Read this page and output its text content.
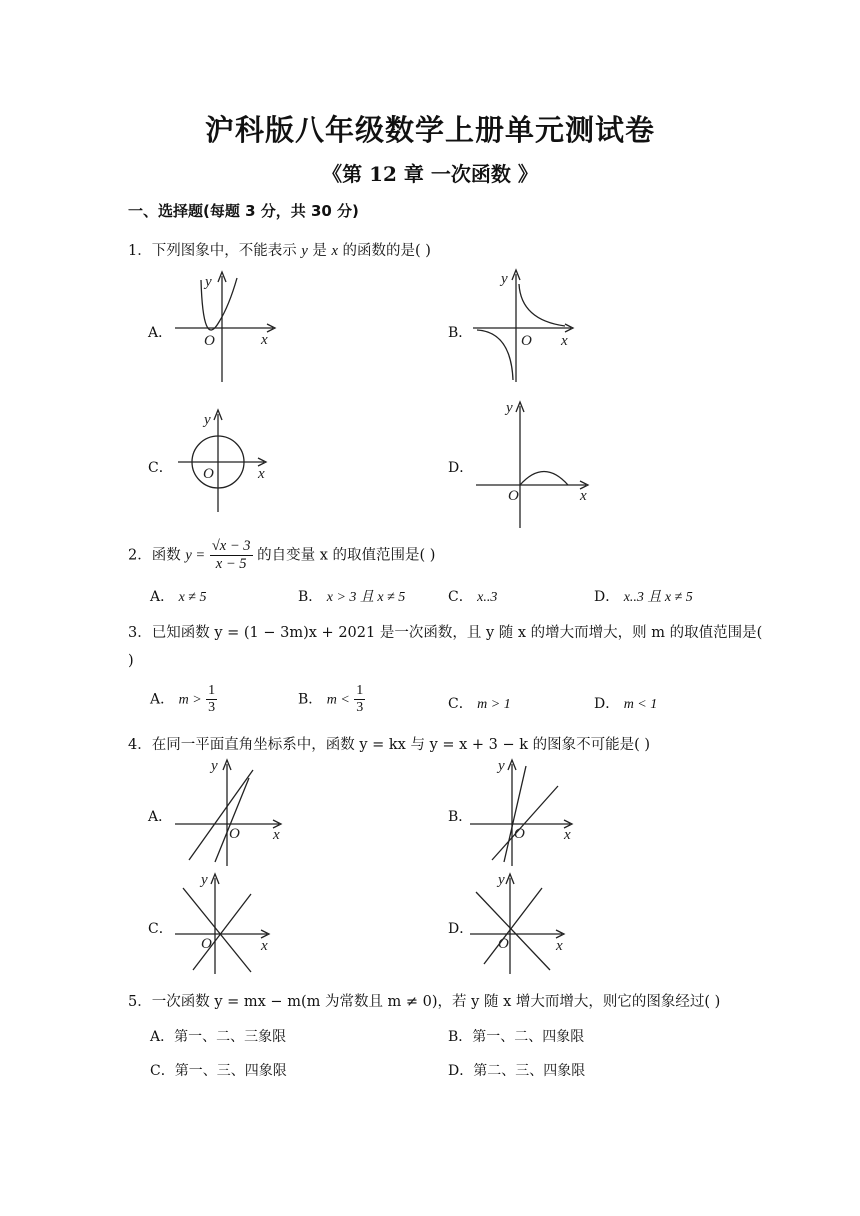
沪科版八年级数学上册单元测试卷
《第 12 章 一次函数 》
一、选择题(每题 3 分，共 30 分)
1．下列图象中，不能表示 y 是 x 的函数的是( )
A．
y
O	x	B．
y
O x
C．
y
O	x	D．
y
O	x
2．函数 $y = \frac{√x - 3}{x - 5}$ 的自变量 x 的取值范围是( )
A． x ≠ 5	B． x > 3 且 x ≠ 5	C． x..3	D． x..3 且 x ≠ 5
3．已知函数 y = (1 − 3m)x + 2021 是一次函数，且 y 随 x 的增大而增大，则 m 的取值范围是(
)
A． $m > \frac{1}{3}$	B． $m < \frac{1}{3}$	C． m > 1	D． m < 1
4．在同一平面直角坐标系中，函数 y = kx 与 y = x + 3 − k 的图象不可能是( )
A．
y
O x
B．
y
O	x
C．
y
O	x
D．
y
O	x
5．一次函数 y = mx − m(m 为常数且 m ≠ 0)，若 y 随 x 增大而增大，则它的图象经过( )
A．第一、二、三象限	B．第一、二、四象限
C．第一、三、四象限	D．第二、三、四象限
